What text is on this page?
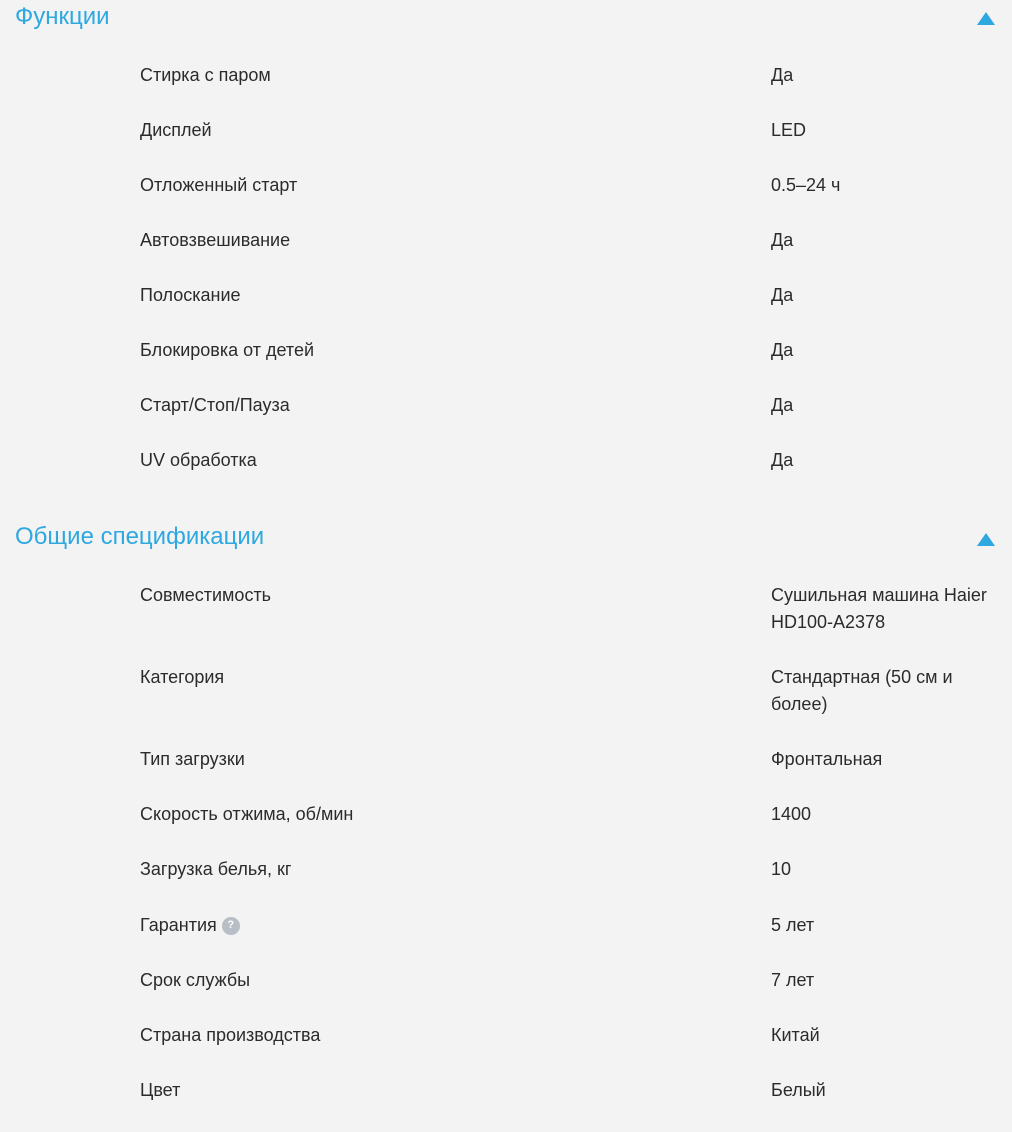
Функции
Стирка с паром	Да
Дисплей	LED
Отложенный старт	0.5–24 ч
Автовзвешивание	Да
Полоскание	Да
Блокировка от детей	Да
Старт/Стоп/Пауза	Да
UV обработка	Да
Общие спецификации
Совместимость	Сушильная машина Haier HD100-A2378
Категория	Стандартная (50 см и более)
Тип загрузки	Фронтальная
Скорость отжима, об/мин	1400
Загрузка белья, кг	10
Гарантия ?	5 лет
Срок службы	7 лет
Страна производства	Китай
Цвет	Белый
